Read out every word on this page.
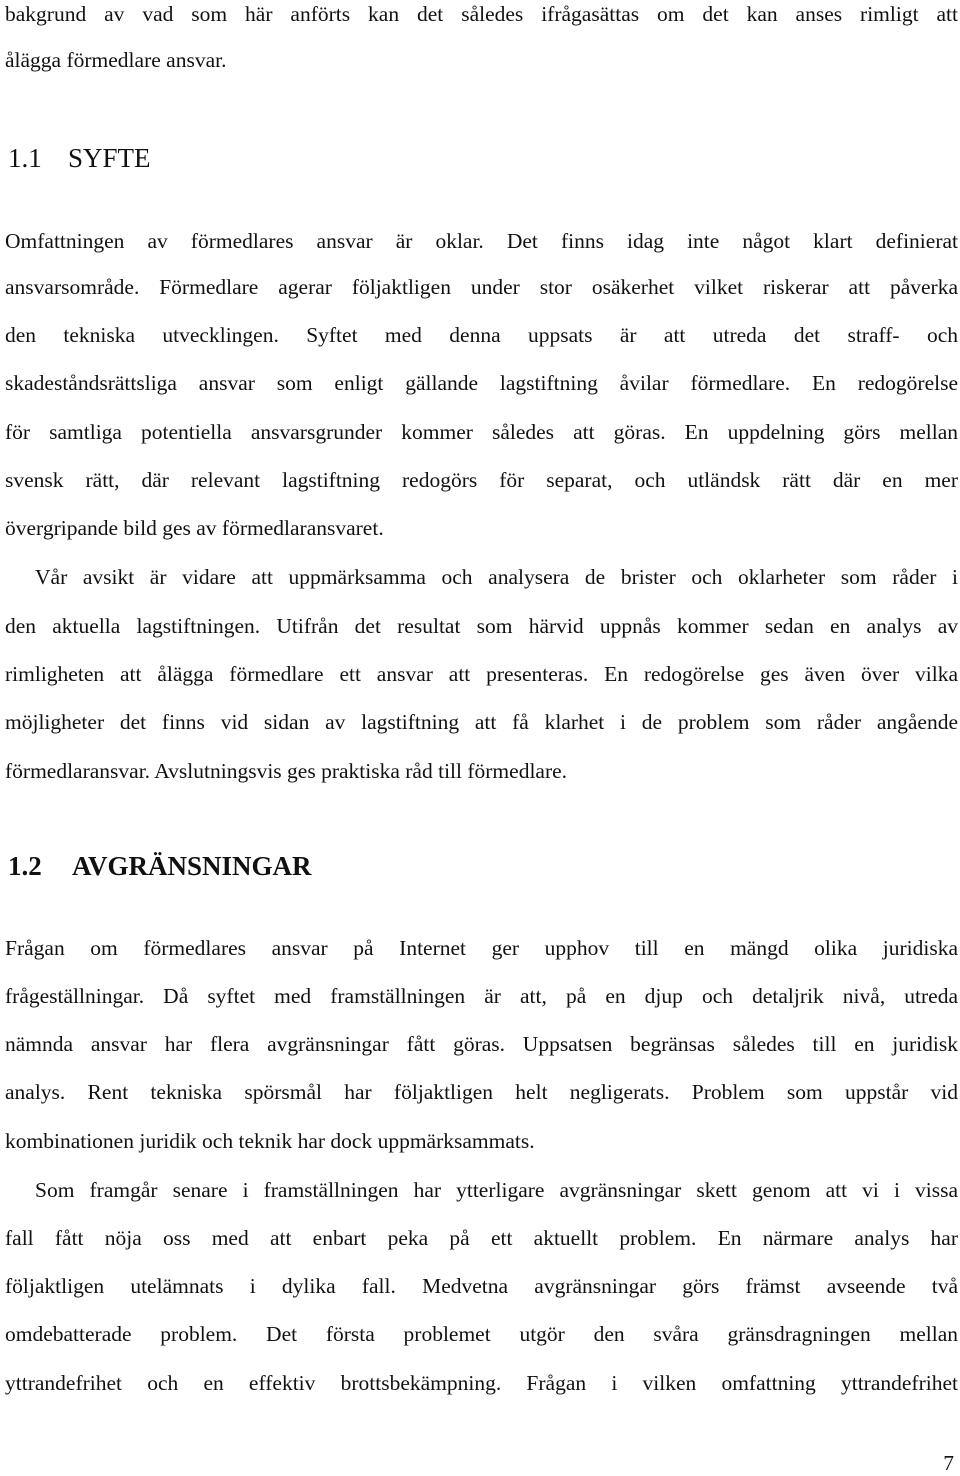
bakgrund av vad som här anförts kan det således ifrågasättas om det kan anses rimligt att
ålägga förmedlare ansvar.
1.1 SYFTE
Omfattningen av förmedlares ansvar är oklar. Det finns idag inte något klart definierat
ansvarsområde. Förmedlare agerar följaktligen under stor osäkerhet vilket riskerar att påverka
den tekniska utvecklingen. Syftet med denna uppsats är att utreda det straff- och
skadeståndsrättsliga ansvar som enligt gällande lagstiftning åvilar förmedlare. En redogörelse
för samtliga potentiella ansvarsgrunder kommer således att göras. En uppdelning görs mellan
svensk rätt, där relevant lagstiftning redogörs för separat, och utländsk rätt där en mer
övergripande bild ges av förmedlaransvaret.
Vår avsikt är vidare att uppmärksamma och analysera de brister och oklarheter som råder i
den aktuella lagstiftningen. Utifrån det resultat som härvid uppnås kommer sedan en analys av
rimligheten att ålägga förmedlare ett ansvar att presenteras. En redogörelse ges även över vilka
möjligheter det finns vid sidan av lagstiftning att få klarhet i de problem som råder angående
förmedlaransvar. Avslutningsvis ges praktiska råd till förmedlare.
1.2 AVGRÄNSNINGAR
Frågan om förmedlares ansvar på Internet ger upphov till en mängd olika juridiska
frågeställningar. Då syftet med framställningen är att, på en djup och detaljrik nivå, utreda
nämnda ansvar har flera avgränsningar fått göras. Uppsatsen begränsas således till en juridisk
analys. Rent tekniska spörsmål har följaktligen helt negligerats. Problem som uppstår vid
kombinationen juridik och teknik har dock uppmärksammats.
Som framgår senare i framställningen har ytterligare avgränsningar skett genom att vi i vissa
fall fått nöja oss med att enbart peka på ett aktuellt problem. En närmare analys har
följaktligen utelämnats i dylika fall. Medvetna avgränsningar görs främst avseende två
omdebatterade problem. Det första problemet utgör den svåra gränsdragningen mellan
yttrandefrihet och en effektiv brottsbekämpning. Frågan i vilken omfattning yttrandefrihet
7
